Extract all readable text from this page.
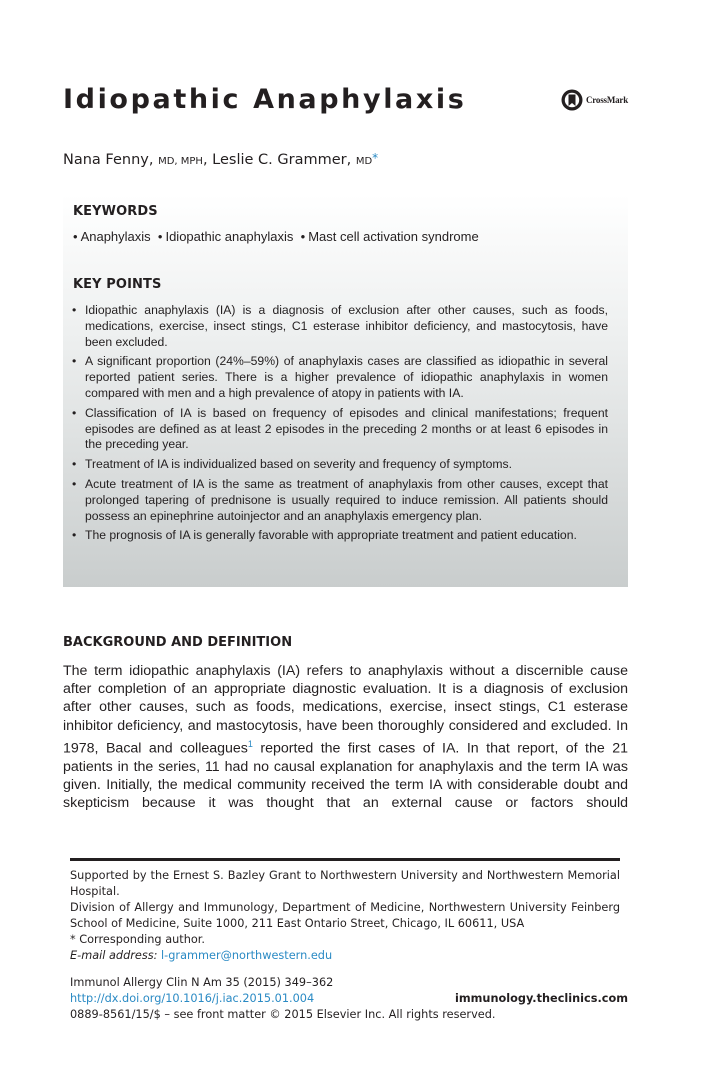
Idiopathic Anaphylaxis	CrossMark
Nana Fenny, MD, MPH, Leslie C. Grammer, MD*
KEYWORDS
• Anaphylaxis  • Idiopathic anaphylaxis  • Mast cell activation syndrome
KEY POINTS
• Idiopathic anaphylaxis (IA) is a diagnosis of exclusion after other causes, such as foods, medications, exercise, insect stings, C1 esterase inhibitor deficiency, and mastocytosis, have been excluded.
• A significant proportion (24%–59%) of anaphylaxis cases are classified as idiopathic in several reported patient series. There is a higher prevalence of idiopathic anaphylaxis in women compared with men and a high prevalence of atopy in patients with IA.
• Classification of IA is based on frequency of episodes and clinical manifestations; frequent episodes are defined as at least 2 episodes in the preceding 2 months or at least 6 episodes in the preceding year.
• Treatment of IA is individualized based on severity and frequency of symptoms.
• Acute treatment of IA is the same as treatment of anaphylaxis from other causes, except that prolonged tapering of prednisone is usually required to induce remission. All patients should possess an epinephrine autoinjector and an anaphylaxis emergency plan.
• The prognosis of IA is generally favorable with appropriate treatment and patient education.
BACKGROUND AND DEFINITION

The term idiopathic anaphylaxis (IA) refers to anaphylaxis without a discernible cause after completion of an appropriate diagnostic evaluation. It is a diagnosis of exclusion after other causes, such as foods, medications, exercise, insect stings, C1 esterase inhibitor deficiency, and mastocytosis, have been thoroughly considered and excluded. In 1978, Bacal and colleagues$^1$ reported the first cases of IA. In that report, of the 21 patients in the series, 11 had no causal explanation for anaphylaxis and the term IA was given. Initially, the medical community received the term IA with considerable doubt and skepticism because it was thought that an external cause or factors should

Supported by the Ernest S. Bazley Grant to Northwestern University and Northwestern Memorial Hospital.

Division of Allergy and Immunology, Department of Medicine, Northwestern University Feinberg School of Medicine, Suite 1000, 211 East Ontario Street, Chicago, IL 60611, USA

* Corresponding author.

E-mail address: l-grammer@northwestern.edu

Immunol Allergy Clin N Am 35 (2015) 349–362

http://dx.doi.org/10.1016/j.iac.2015.01.004

0889-8561/15/$ – see front matter © 2015 Elsevier Inc. All rights reserved.

immunology.theclinics.com
